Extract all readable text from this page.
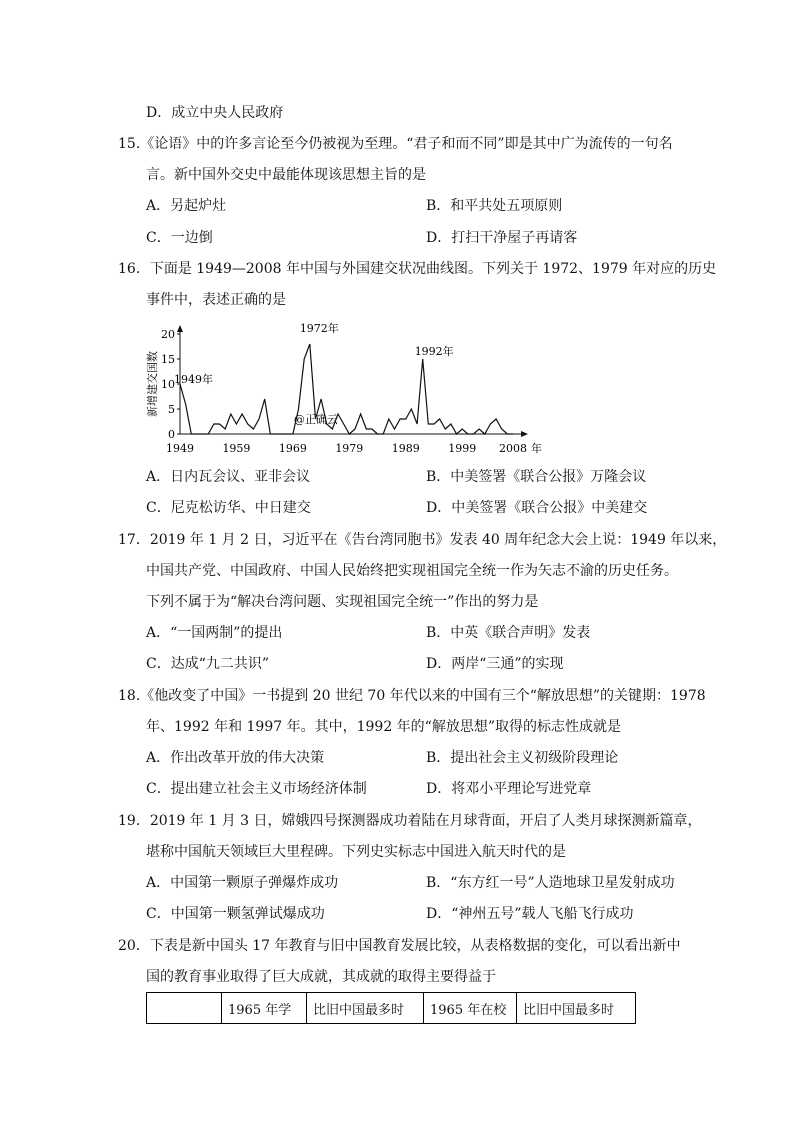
D．成立中央人民政府
15.《论语》中的许多言论至今仍被视为至理。“君子和而不同”即是其中广为流传的一句名
言。新中国外交史中最能体现该思想主旨的是
A．另起炉灶	B．和平共处五项原则
C．一边倒	D．打扫干净屋子再请客
16．下面是 1949—2008 年中国与外国建交状况曲线图。下列关于 1972、1979 年对应的历史
事件中，表述正确的是
0
5
10
15
20
1949	1959	1969	1979	1989	1999 2008
1949年
1972年
1992年
新增建交国数
年
@正确云
A．日内瓦会议、亚非会议	B．中美签署《联合公报》万隆会议
C．尼克松访华、中日建交	D．中美签署《联合公报》中美建交
17．2019 年 1 月 2 日，习近平在《告台湾同胞书》发表 40 周年纪念大会上说：1949 年以来，
中国共产党、中国政府、中国人民始终把实现祖国完全统一作为矢志不渝的历史任务。
下列不属于为“解决台湾问题、实现祖国完全统一”作出的努力是
A．“一国两制”的提出	B．中英《联合声明》发表
C．达成“九二共识”	D．两岸“三通”的实现
18.《他改变了中国》一书提到 20 世纪 70 年代以来的中国有三个“解放思想”的关键期：1978
年、1992 年和 1997 年。其中，1992 年的“解放思想”取得的标志性成就是
A．作出改革开放的伟大决策	B．提出社会主义初级阶段理论
C．提出建立社会主义市场经济体制	D．将邓小平理论写进党章
19．2019 年 1 月 3 日，嫦娥四号探测器成功着陆在月球背面，开启了人类月球探测新篇章，
堪称中国航天领域巨大里程碑。下列史实标志中国进入航天时代的是
A．中国第一颗原子弹爆炸成功	B．“东方红一号”人造地球卫星发射成功
C．中国第一颗氢弹试爆成功	D．“神州五号”载人飞船飞行成功
20．下表是新中国头 17 年教育与旧中国教育发展比较，从表格数据的变化，可以看出新中
国的教育事业取得了巨大成就，其成就的取得主要得益于
	1965 年学	比旧中国最多时	1965 年在校	比旧中国最多时
